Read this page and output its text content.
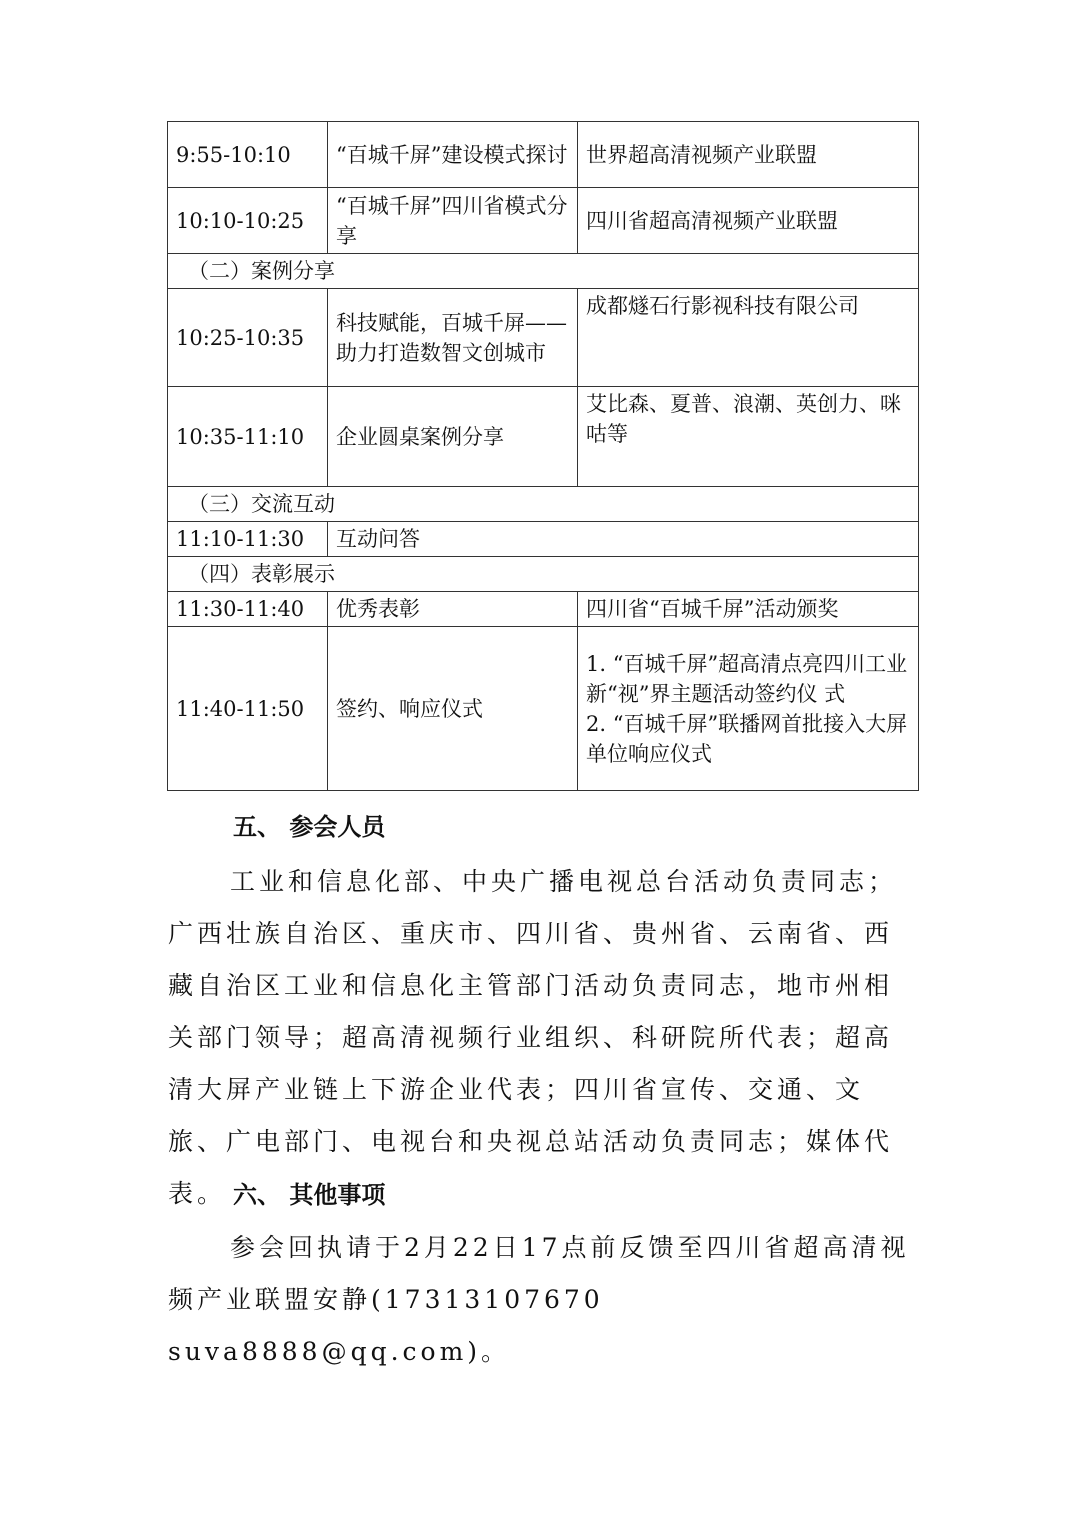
9:55-10:10	“百城千屏”建设模式探讨	世界超高清视频产业联盟
10:10-10:25	“百城千屏”四川省模式分享	四川省超高清视频产业联盟
（二）案例分享		
10:25-10:35	科技赋能，百城千屏——助力打造数智文创城市	成都燧石行影视科技有限公司
10:35-11:10	企业圆桌案例分享	艾比森、夏普、浪潮、英创力、咪咕等
（三）交流互动		
11:10-11:30	互动问答	
（四）表彰展示		
11:30-11:40	优秀表彰	四川省“百城千屏”活动颁奖
11:40-11:50	签约、响应仪式	1. “百城千屏”超高清点亮四川工业新“视”界主题活动签约仪 式
2. “百城千屏”联播网首批接入大屏单位响应仪式
五、 参会人员

工业和信息化部、中央广播电视总台活动负责同志；广西壮族自治区、重庆市、四川省、贵州省、云南省、西藏自治区工业和信息化主管部门活动负责同志，地市州相关部门领导；超高清视频行业组织、科研院所代表；超高清大屏产业链上下游企业代表；四川省宣传、交通、文旅、广电部门、电视台和央视总站活动负责同志；媒体代表。 六、 其他事项

参会回执请于2月22日17点前反馈至四川省超高清视频产业联盟安静(17313107670 suva8888@qq.com)。
